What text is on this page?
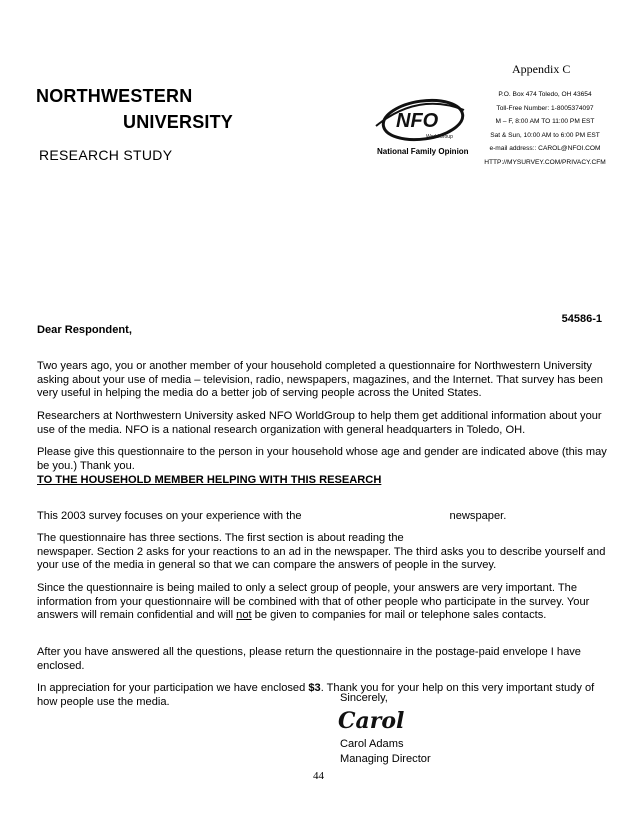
Appendix C
NORTHWESTERN
UNIVERSITY
RESEARCH STUDY
NFO
WorldGroup
National Family Opinion
P.O. Box 474 Toledo, OH 43654
Toll-Free Number: 1-8005374097
M – F, 8:00 AM TO 11:00 PM EST
Sat & Sun, 10:00 AM to 6:00 PM EST
e-mail address:: CAROL@NFOI.COM
HTTP://MYSURVEY.COM/PRIVACY.CFM
54586-1
Dear Respondent,

Two years ago, you or another member of your household completed a questionnaire for Northwestern University asking about your use of media – television, radio, newspapers, magazines, and the Internet. That survey has been very useful in helping the media do a better job of serving people across the United States.

Researchers at Northwestern University asked NFO WorldGroup to help them get additional information about your use of the media. NFO is a national research organization with general headquarters in Toledo, OH.

Please give this questionnaire to the person in your household whose age and gender are indicated above (this may be you.) Thank you.

TO THE HOUSEHOLD MEMBER HELPING WITH THIS RESEARCH

This 2003 survey focuses on your experience with the	newspaper.

The questionnaire has three sections. The first section is about reading the
newspaper. Section 2 asks for your reactions to an ad in the newspaper. The third asks you to describe yourself and your use of the media in general so that we can compare the answers of people in the survey.

Since the questionnaire is being mailed to only a select group of people, your answers are very important. The information from your questionnaire will be combined with that of other people who participate in the survey. Your answers will remain confidential and will not be given to companies for mail or telephone sales contacts.

After you have answered all the questions, please return the questionnaire in the postage-paid envelope I have enclosed.

In appreciation for your participation we have enclosed $3. Thank you for your help on this very important study of how people use the media.	Sincerely,
Carol
Carol Adams
Managing Director
44
